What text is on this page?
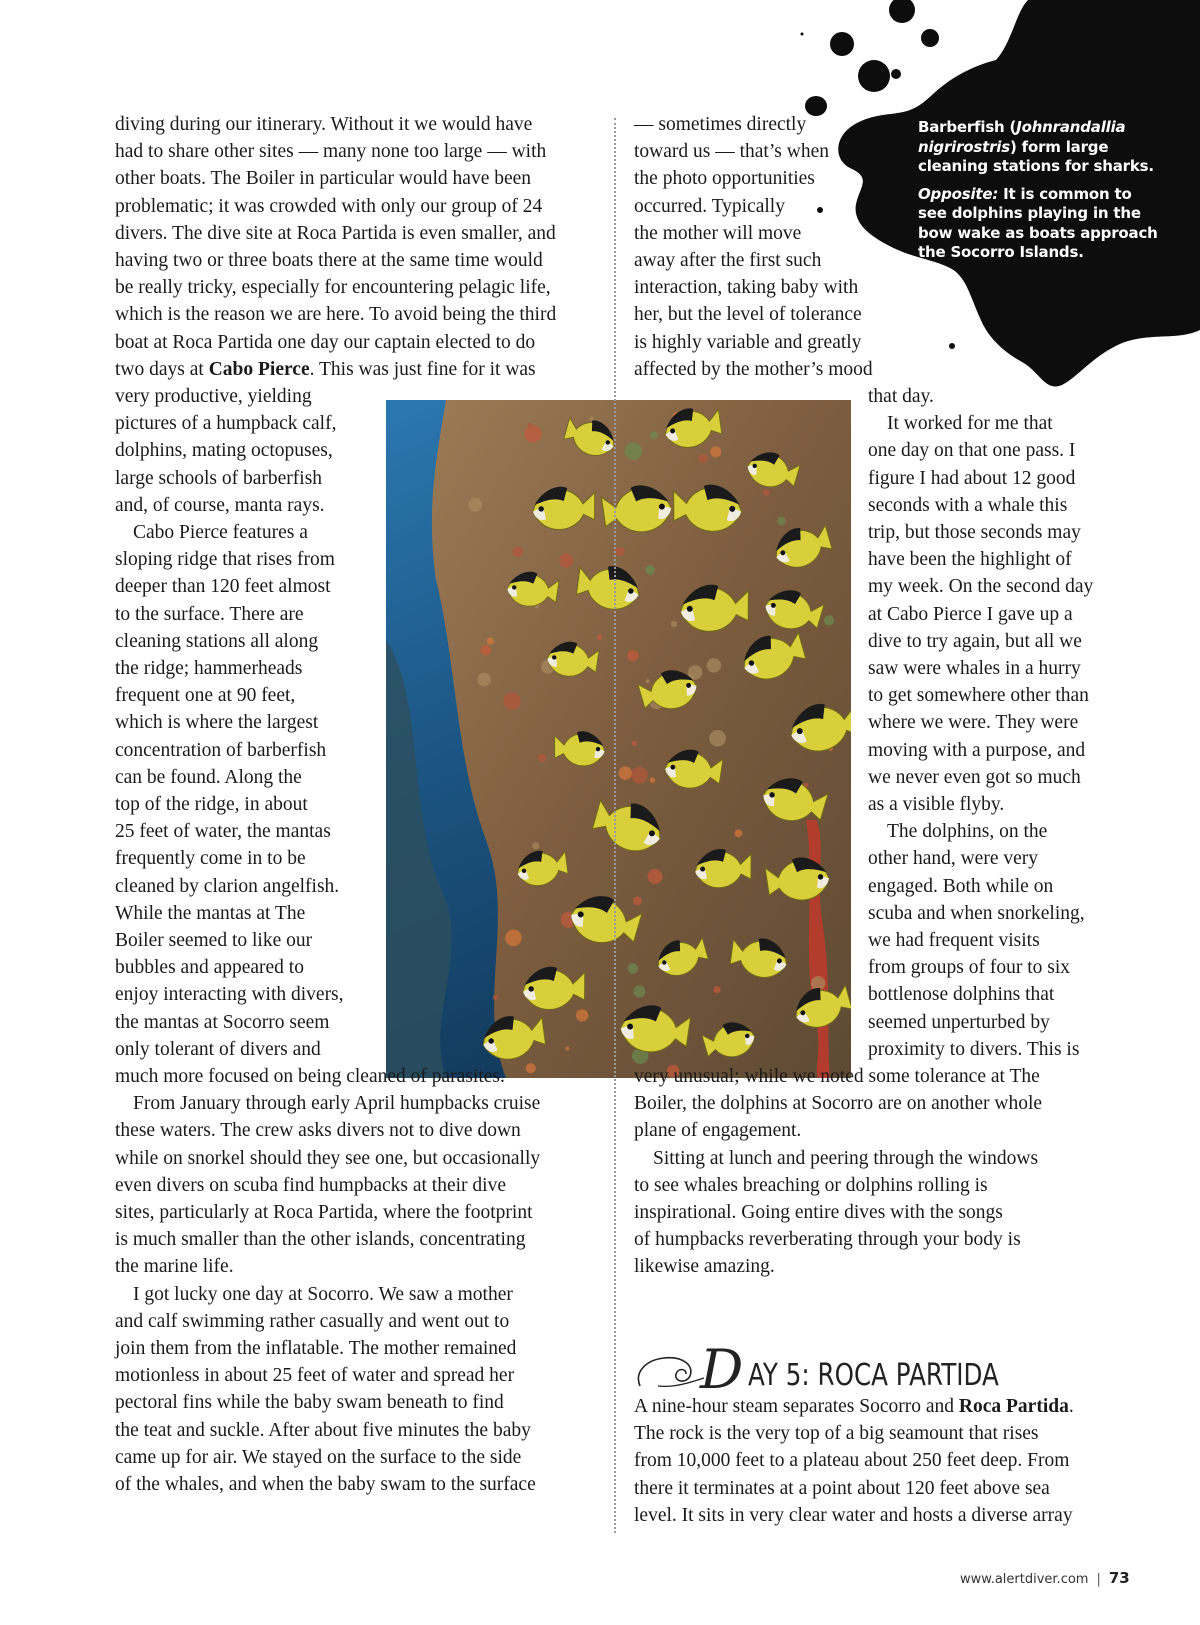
Barberfish (Johnrandallia nigrirostris) form large cleaning stations for sharks.

Opposite: It is common to see dolphins playing in the bow wake as boats approach the Socorro Islands.

diving during our itinerary. Without it we would have
had to share other sites — many none too large — with
other boats. The Boiler in particular would have been
problematic; it was crowded with only our group of 24
divers. The dive site at Roca Partida is even smaller, and
having two or three boats there at the same time would
be really tricky, especially for encountering pelagic life,
which is the reason we are here. To avoid being the third
boat at Roca Partida one day our captain elected to do
two days at Cabo Pierce. This was just fine for it was
very productive, yielding
pictures of a humpback calf,
dolphins, mating octopuses,
large schools of barberfish
and, of course, manta rays.
Cabo Pierce features a
sloping ridge that rises from
deeper than 120 feet almost
to the surface. There are
cleaning stations all along
the ridge; hammerheads
frequent one at 90 feet,
which is where the largest
concentration of barberfish
can be found. Along the
top of the ridge, in about
25 feet of water, the mantas
frequently come in to be
cleaned by clarion angelfish.
While the mantas at The
Boiler seemed to like our
bubbles and appeared to
enjoy interacting with divers,
the mantas at Socorro seem
only tolerant of divers and
much more focused on being cleaned of parasites.
From January through early April humpbacks cruise
these waters. The crew asks divers not to dive down
while on snorkel should they see one, but occasionally
even divers on scuba find humpbacks at their dive
sites, particularly at Roca Partida, where the footprint
is much smaller than the other islands, concentrating
the marine life.
I got lucky one day at Socorro. We saw a mother
and calf swimming rather casually and went out to
join them from the inflatable. The mother remained
motionless in about 25 feet of water and spread her
pectoral fins while the baby swam beneath to find
the teat and suckle. After about five minutes the baby
came up for air. We stayed on the surface to the side
of the whales, and when the baby swam to the surface
— sometimes directly
toward us — that’s when
the photo opportunities
occurred. Typically
the mother will move
away after the first such
interaction, taking baby with
her, but the level of tolerance
is highly variable and greatly
affected by the mother’s mood
that day.
It worked for me that
one day on that one pass. I
figure I had about 12 good
seconds with a whale this
trip, but those seconds may
have been the highlight of
my week. On the second day
at Cabo Pierce I gave up a
dive to try again, but all we
saw were whales in a hurry
to get somewhere other than
where we were. They were
moving with a purpose, and
we never even got so much
as a visible flyby.
The dolphins, on the
other hand, were very
engaged. Both while on
scuba and when snorkeling,
we had frequent visits
from groups of four to six
bottlenose dolphins that
seemed unperturbed by
proximity to divers. This is
very unusual; while we noted some tolerance at The
Boiler, the dolphins at Socorro are on another whole
plane of engagement.
Sitting at lunch and peering through the windows
to see whales breaching or dolphins rolling is
inspirational. Going entire dives with the songs
of humpbacks reverberating through your body is
likewise amazing.
A nine-hour steam separates Socorro and Roca Partida.
The rock is the very top of a big seamount that rises
from 10,000 feet to a plateau about 250 feet deep. From
there it terminates at a point about 120 feet above sea
level. It sits in very clear water and hosts a diverse array
D AY 5: ROCA PARTIDA
www.alertdiver.com | 73
